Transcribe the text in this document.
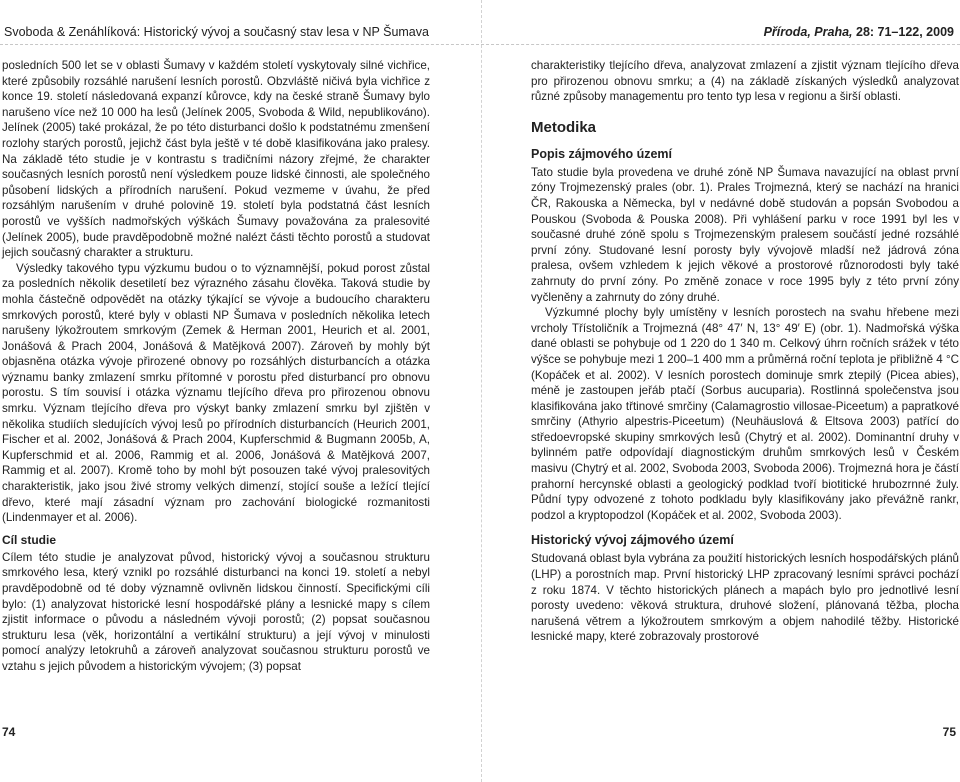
Svoboda & Zenáhlíková: Historický vývoj a současný stav lesa v NP Šumava	Příroda, Praha, 28: 71–122, 2009

posledních 500 let se v oblasti Šumavy v každém století vyskytovaly silné vichřice, které způsobily rozsáhlé narušení lesních porostů. Obzvláště ničivá byla vichřice z konce 19. století následovaná expanzí kůrovce, kdy na české straně Šumavy bylo narušeno více než 10 000 ha lesů (Jelínek 2005, Svoboda & Wild, nepublikováno). Jelínek (2005) také prokázal, že po této disturbanci došlo k podstatnému zmenšení rozlohy starých porostů, jejichž část byla ještě v té době klasifikována jako pralesy. Na základě této studie je v kontrastu s tradičními názory zřejmé, že charakter současných lesních porostů není výsledkem pouze lidské činnosti, ale společného působení lidských a přírodních narušení. Pokud vezmeme v úvahu, že před rozsáhlým narušením v druhé polovině 19. století byla podstatná část lesních porostů ve vyšších nadmořských výškách Šumavy považována za pralesovité (Jelínek 2005), bude pravděpodobně možné nalézt části těchto porostů a studovat jejich současný charakter a strukturu.

Výsledky takového typu výzkumu budou o to významnější, pokud porost zůstal za posledních několik desetiletí bez výrazného zásahu člověka. Taková studie by mohla částečně odpovědět na otázky týkající se vývoje a budoucího charakteru smrkových porostů, které byly v oblasti NP Šumava v posledních několika letech narušeny lýkožroutem smrkovým (Zemek & Herman 2001, Heurich et al. 2001, Jonášová & Prach 2004, Jonášová & Matějková 2007). Zároveň by mohly být objasněna otázka vývoje přirozené obnovy po rozsáhlých disturbancích a otázka významu banky zmlazení smrku přítomné v porostu před disturbancí pro obnovu porostu. S tím souvisí i otázka významu tlejícího dřeva pro přirozenou obnovu smrku. Význam tlejícího dřeva pro výskyt banky zmlazení smrku byl zjištěn v několika studiích sledujících vývoj lesů po přírodních disturbancích (Heurich 2001, Fischer et al. 2002, Jonášová & Prach 2004, Kupferschmid & Bugmann 2005b, A, Kupferschmid et al. 2006, Rammig et al. 2006, Jonášová & Matějková 2007, Rammig et al. 2007). Kromě toho by mohl být posouzen také vývoj pralesovitých charakteristik, jako jsou živé stromy velkých dimenzí, stojící souše a ležící tlející dřevo, které mají zásadní význam pro zachování biologické rozmanitosti (Lindenmayer et al. 2006).

Cíl studie

Cílem této studie je analyzovat původ, historický vývoj a současnou strukturu smrkového lesa, který vznikl po rozsáhlé disturbanci na konci 19. století a nebyl pravděpodobně od té doby významně ovlivněn lidskou činností. Specifickými cíli bylo: (1) analyzovat historické lesní hospodářské plány a lesnické mapy s cílem zjistit informace o původu a následném vývoji porostů; (2) popsat současnou strukturu lesa (věk, horizontální a vertikální strukturu) a její vývoj v minulosti pomocí analýzy letokruhů a zároveň analyzovat současnou strukturu porostů ve vztahu s jejich původem a historickým vývojem; (3) popsat

charakteristiky tlejícího dřeva, analyzovat zmlazení a zjistit význam tlejícího dřeva pro přirozenou obnovu smrku; a (4) na základě získaných výsledků analyzovat různé způsoby managementu pro tento typ lesa v regionu a širší oblasti.

Metodika
Popis zájmového území

Tato studie byla provedena ve druhé zóně NP Šumava navazující na oblast první zóny Trojmezenský prales (obr. 1). Prales Trojmezná, který se nachází na hranici ČR, Rakouska a Německa, byl v nedávné době studován a popsán Svobodou a Pouskou (Svoboda & Pouska 2008). Při vyhlášení parku v roce 1991 byl les v současné druhé zóně spolu s Trojmezenským pralesem součástí jedné rozsáhlé první zóny. Studované lesní porosty byly vývojově mladší než jádrová zóna pralesa, ovšem vzhledem k jejich věkové a prostorové různorodosti byly také zahrnuty do první zóny. Po změně zonace v roce 1995 byly z této první zóny vyčleněny a zahrnuty do zóny druhé.

Výzkumné plochy byly umístěny v lesních porostech na svahu hřebene mezi vrcholy Třístoličník a Trojmezná (48° 47′ N, 13° 49′ E) (obr. 1). Nadmořská výška dané oblasti se pohybuje od 1 220 do 1 340 m. Celkový úhrn ročních srážek v této výšce se pohybuje mezi 1 200–1 400 mm a průměrná roční teplota je přibližně 4 °C (Kopáček et al. 2002). V lesních porostech dominuje smrk ztepilý (Picea abies), méně je zastoupen jeřáb ptačí (Sorbus aucuparia). Rostlinná společenstva jsou klasifikována jako třtinové smrčiny (Calamagrostio villosae-Piceetum) a papratkové smrčiny (Athyrio alpestris-Piceetum) (Neuhäuslová & Eltsova 2003) patřící do středoevropské skupiny smrkových lesů (Chytrý et al. 2002). Dominantní druhy v bylinném patře odpovídají diagnostickým druhům smrkových lesů v Českém masivu (Chytrý et al. 2002, Svoboda 2003, Svoboda 2006). Trojmezná hora je částí prahorní hercynské oblasti a geologický podklad tvoří biotitické hrubozrnné žuly. Půdní typy odvozené z tohoto podkladu byly klasifikovány jako převážně rankr, podzol a kryptopodzol (Kopáček et al. 2002, Svoboda 2003).

Historický vývoj zájmového území

Studovaná oblast byla vybrána za použití historických lesních hospodářských plánů (LHP) a porostních map. První historický LHP zpracovaný lesními správci pochází z roku 1874. V těchto historických plánech a mapách bylo pro jednotlivé lesní porosty uvedeno: věková struktura, druhové složení, plánovaná těžba, plocha narušená větrem a lýkožroutem smrkovým a objem nahodilé těžby. Historické lesnické mapy, které zobrazovaly prostorové

74	75
